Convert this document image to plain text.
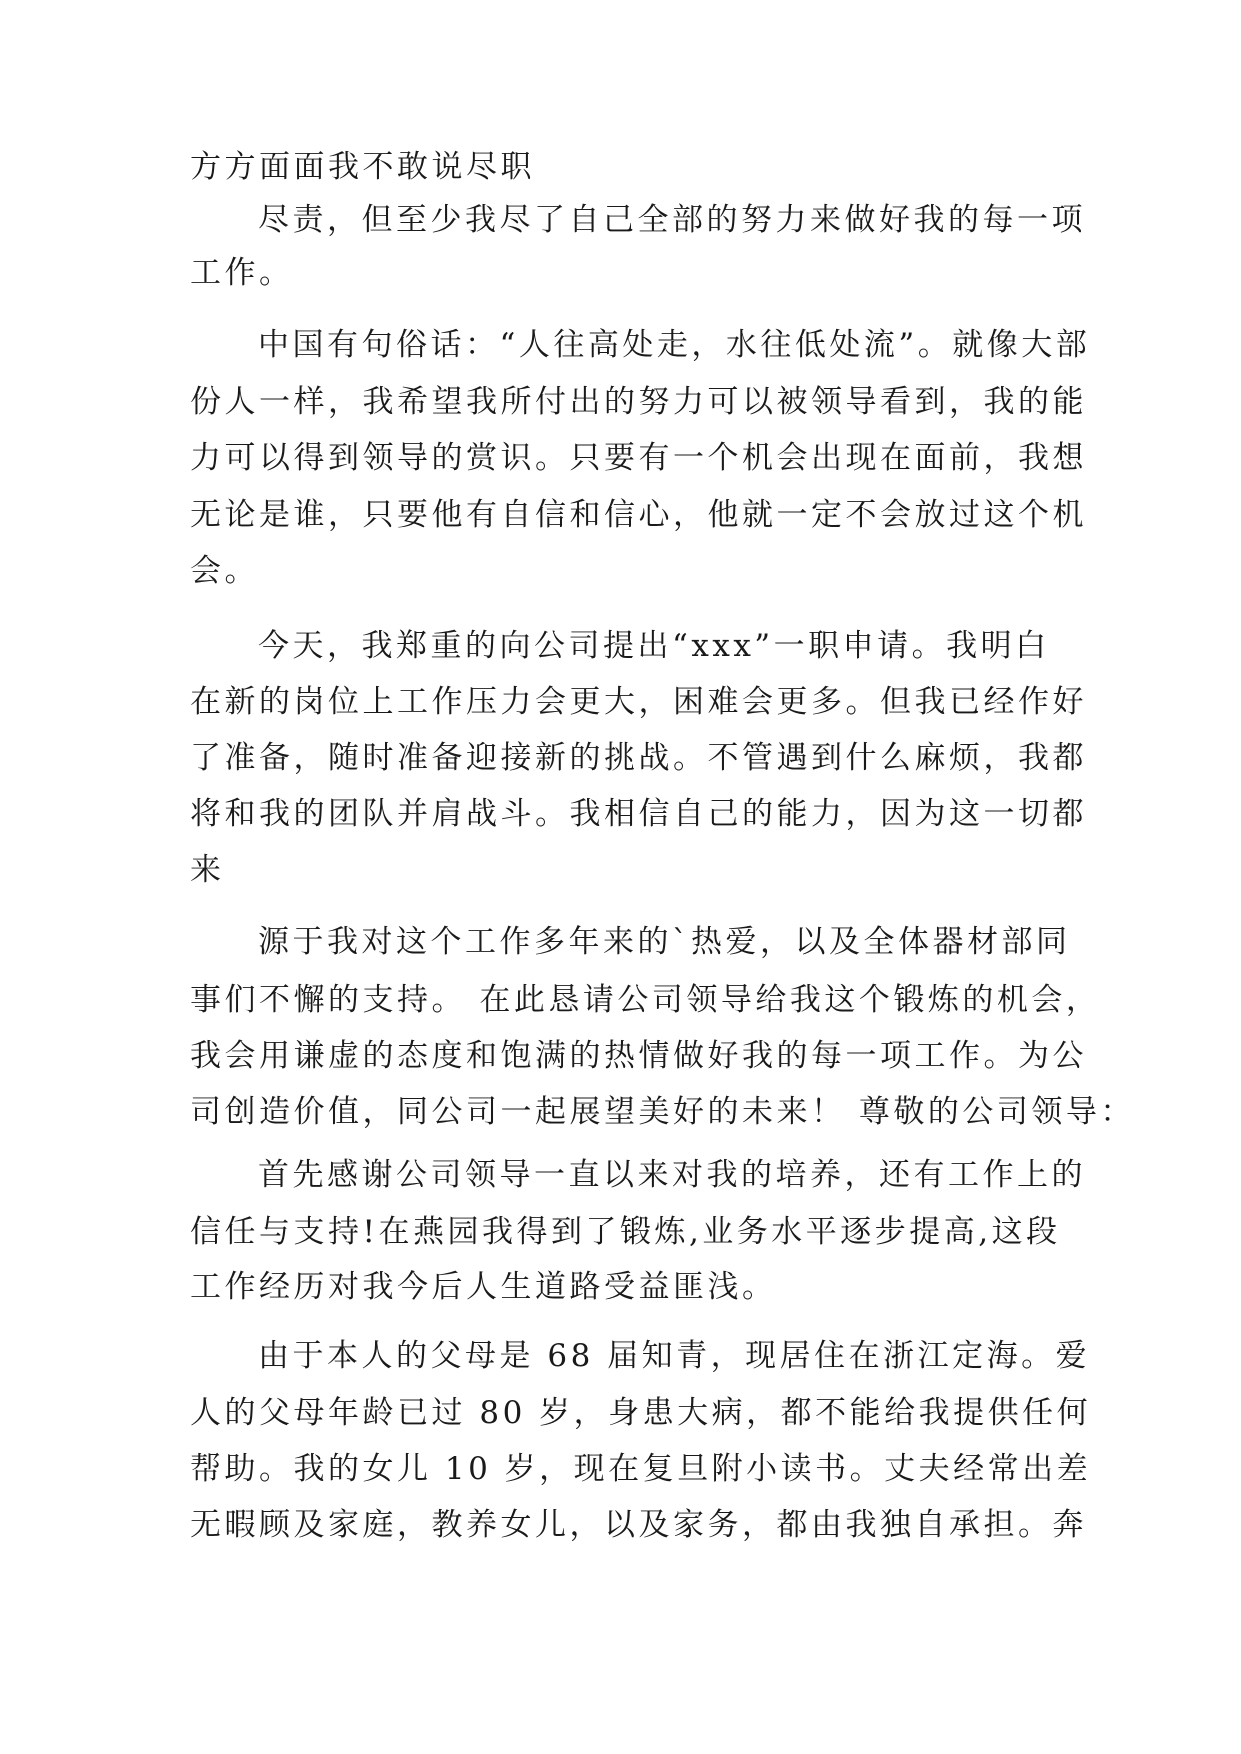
方方面面我不敢说尽职
尽责，但至少我尽了自己全部的努力来做好我的每一项
工作。
中国有句俗话：“人往高处走，水往低处流”。就像大部
份人一样，我希望我所付出的努力可以被领导看到，我的能
力可以得到领导的赏识。只要有一个机会出现在面前，我想
无论是谁，只要他有自信和信心，他就一定不会放过这个机
会。
今天，我郑重的向公司提出“xxx”一职申请。我明白
在新的岗位上工作压力会更大，困难会更多。但我已经作好
了准备，随时准备迎接新的挑战。不管遇到什么麻烦，我都
将和我的团队并肩战斗。我相信自己的能力，因为这一切都
来
源于我对这个工作多年来的`热爱，以及全体器材部同
事们不懈的支持。 在此恳请公司领导给我这个锻炼的机会，
我会用谦虚的态度和饱满的热情做好我的每一项工作。为公
司创造价值，同公司一起展望美好的未来！ 尊敬的公司领导：
首先感谢公司领导一直以来对我的培养，还有工作上的
信任与支持!在燕园我得到了锻炼,业务水平逐步提高,这段
工作经历对我今后人生道路受益匪浅。
由于本人的父母是 68 届知青，现居住在浙江定海。爱
人的父母年龄已过 80 岁，身患大病，都不能给我提供任何
帮助。我的女儿 10 岁，现在复旦附小读书。丈夫经常出差
无暇顾及家庭，教养女儿，以及家务，都由我独自承担。奔
